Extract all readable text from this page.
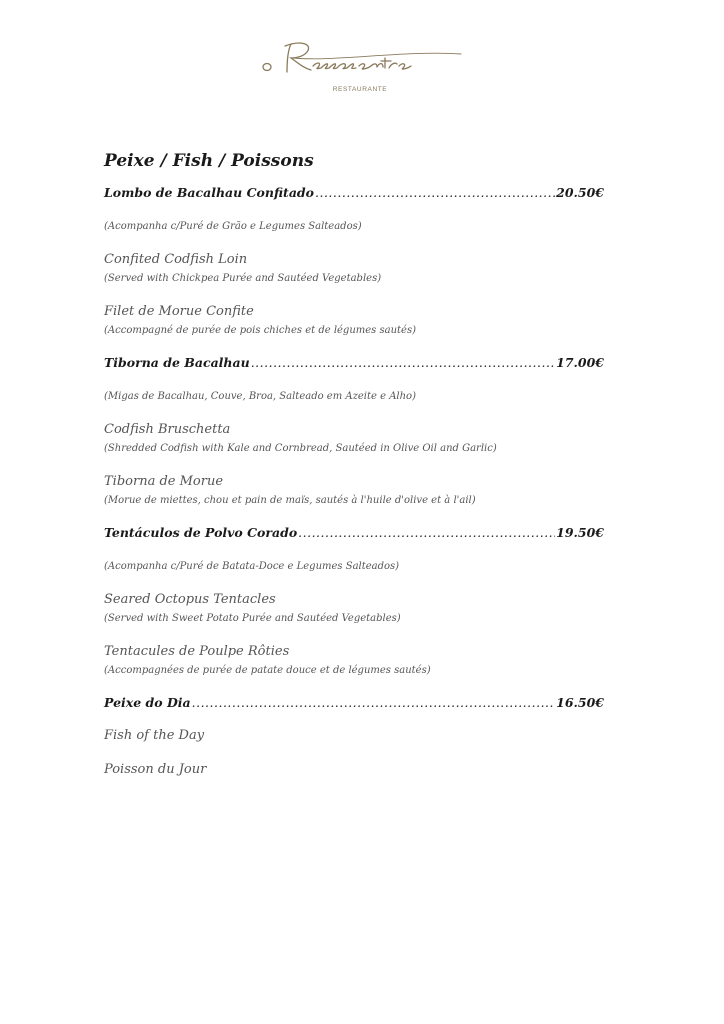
RESTAURANTE
Peixe / Fish / Poissons
Lombo de Bacalhau Confitado .....	20.50€
(Acompanha c/Puré de Grão e Legumes Salteados)
Confited Codfish Loin
(Served with Chickpea Purée and Sautéed Vegetables)
Filet de Morue Confite
(Accompagné de purée de pois chiches et de légumes sautés)
Tiborna de Bacalhau .....	17.00€
(Migas de Bacalhau, Couve, Broa, Salteado em Azeite e Alho)
Codfish Bruschetta
(Shredded Codfish with Kale and Cornbread, Sautéed in Olive Oil and Garlic)
Tiborna de Morue
(Morue de miettes, chou et pain de maïs, sautés à l'huile d'olive et à l'ail)
Tentáculos de Polvo Corado .....	19.50€
(Acompanha c/Puré de Batata-Doce e Legumes Salteados)
Seared Octopus Tentacles
(Served with Sweet Potato Purée and Sautéed Vegetables)
Tentacules de Poulpe Rôties
(Accompagnées de purée de patate douce et de légumes sautés)
Peixe do Dia .....	16.50€
Fish of the Day
Poisson du Jour
